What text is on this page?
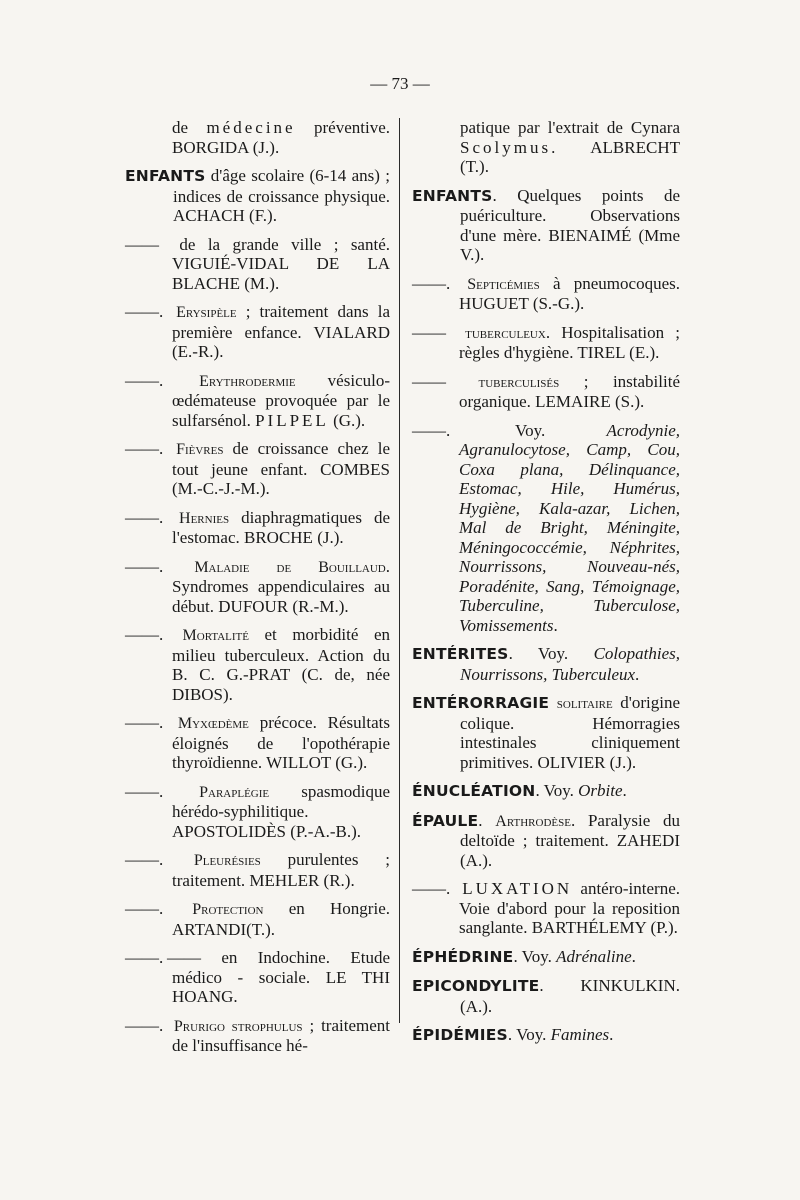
— 73 —
de médecine préventive. BORGIDA (J.).
ENFANTS d'âge scolaire (6-14 ans) ; indices de croissance physique. ACHACH (F.).
—— de la grande ville ; santé. VIGUIÉ-VIDAL DE LA BLACHE (M.).
——. Erysipèle ; traitement dans la première enfance. VIALARD (E.-R.).
——. Erythrodermie vésiculo-œdémateuse provoquée par le sulfarsénol. PILPEL (G.).
——. Fièvres de croissance chez le tout jeune enfant. COMBES (M.-C.-J.-M.).
——. Hernies diaphragmatiques de l'estomac. BROCHE (J.).
——. Maladie de Bouillaud. Syndromes appendiculaires au début. DUFOUR (R.-M.).
——. Mortalité et morbidité en milieu tuberculeux. Action du B. C. G.-PRAT (C. de, née DIBOS).
——. Myxœdème précoce. Résultats éloignés de l'opothérapie thyroïdienne. WILLOT (G.).
——. Paraplégie spasmodique hérédo-syphilitique. APOSTOLIDÈS (P.-A.-B.).
——. Pleurésies purulentes ; traitement. MEHLER (R.).
——. Protection en Hongrie. ARTANDI(T.).
——. —— en Indochine. Etude médico - sociale. LE THI HOANG.
——. Prurigo strophulus ; traitement de l'insuffisance hé-
patique par l'extrait de Cynara Scolymus. ALBRECHT (T.).
ENFANTS. Quelques points de puériculture. Observations d'une mère. BIENAIMÉ (Mme V.).
——. Septicémies à pneumocoques. HUGUET (S.-G.).
—— tuberculeux. Hospitalisation ; règles d'hygiène. TIREL (E.).
—— tuberculisés ; instabilité organique. LEMAIRE (S.).
——. Voy. Acrodynie, Agranulocytose, Camp, Cou, Coxa plana, Délinquance, Estomac, Hile, Humérus, Hygiène, Kala-azar, Lichen, Mal de Bright, Méningite, Méningococcémie, Néphrites, Nourrissons, Nouveau-nés, Poradénite, Sang, Témoignage, Tuberculine, Tuberculose, Vomissements.
ENTÉRITES. Voy. Colopathies, Nourrissons, Tuberculeux.
ENTÉRORRAGIE solitaire d'origine colique. Hémorragies intestinales cliniquement primitives. OLIVIER (J.).
ÉNUCLÉATION. Voy. Orbite.
ÉPAULE. Arthrodèse. Paralysie du deltoïde ; traitement. ZAHEDI (A.).
——. LUXATION antéro-interne. Voie d'abord pour la reposition sanglante. BARTHÉLEMY (P.).
ÉPHÉDRINE. Voy. Adrénaline.
EPICONDYLITE. KINKULKIN. (A.).
ÉPIDÉMIES. Voy. Famines.
